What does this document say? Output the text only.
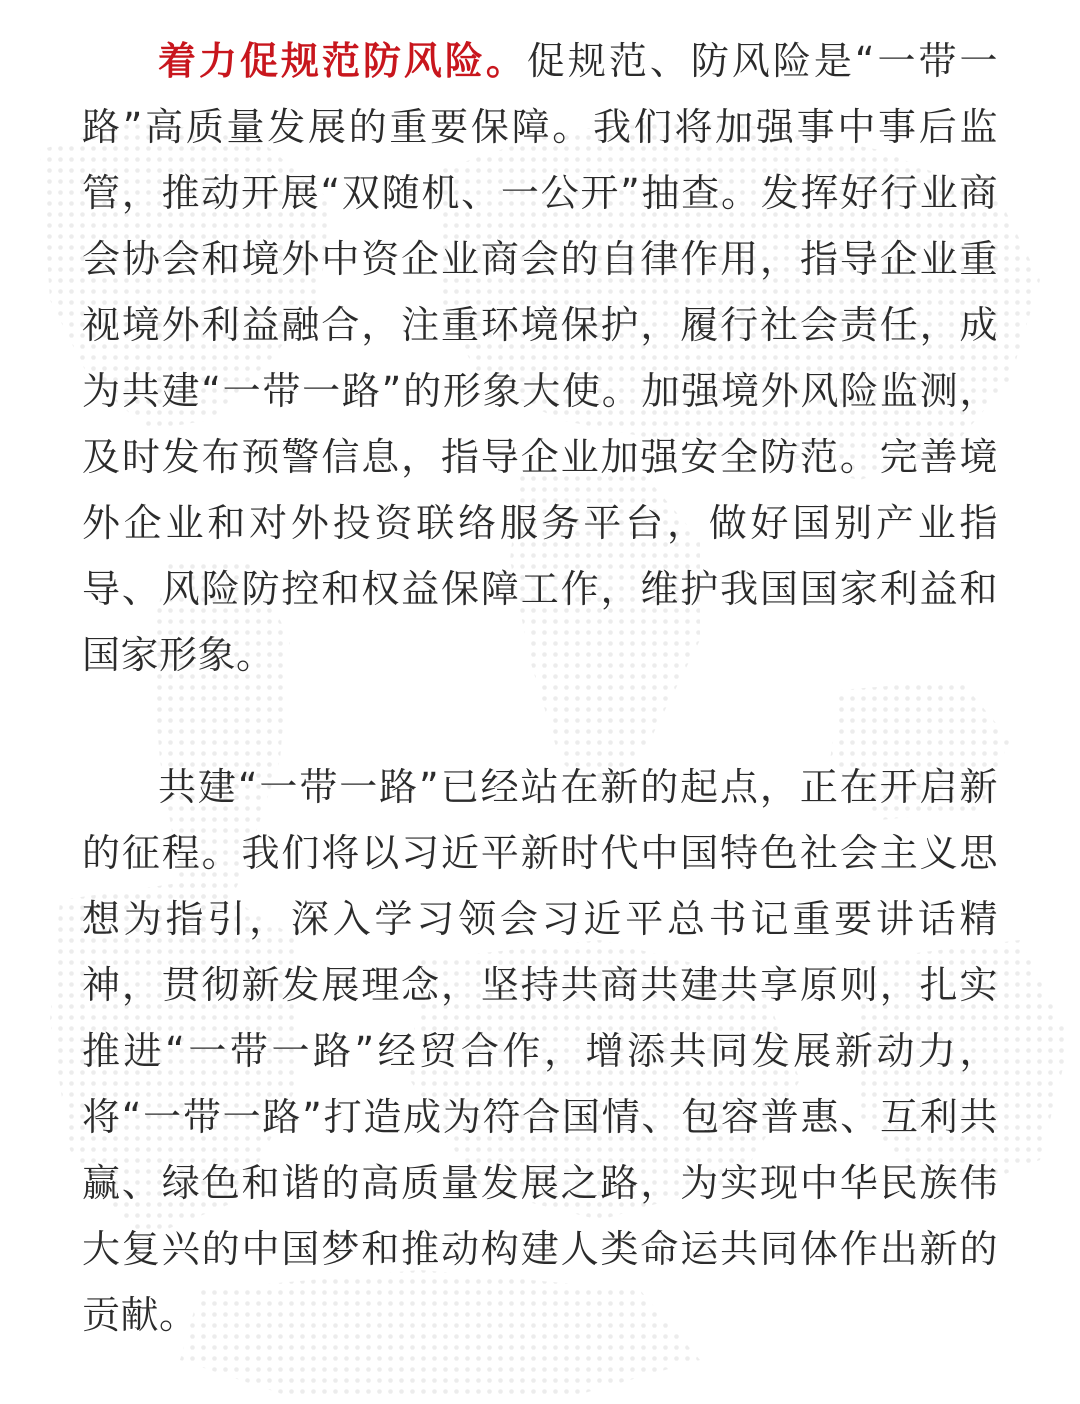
着力促规范防风险。促规范、防风险是“一带一路”高质量发展的重要保障。我们将加强事中事后监管，推动开展“双随机、一公开”抽查。发挥好行业商会协会和境外中资企业商会的自律作用，指导企业重视境外利益融合，注重环境保护，履行社会责任，成为共建“一带一路”的形象大使。加强境外风险监测，及时发布预警信息，指导企业加强安全防范。完善境外企业和对外投资联络服务平台，做好国别产业指导、风险防控和权益保障工作，维护我国国家利益和国家形象。

共建“一带一路”已经站在新的起点，正在开启新的征程。我们将以习近平新时代中国特色社会主义思想为指引，深入学习领会习近平总书记重要讲话精神，贯彻新发展理念，坚持共商共建共享原则，扎实推进“一带一路”经贸合作，增添共同发展新动力，将“一带一路”打造成为符合国情、包容普惠、互利共赢、绿色和谐的高质量发展之路，为实现中华民族伟大复兴的中国梦和推动构建人类命运共同体作出新的贡献。
